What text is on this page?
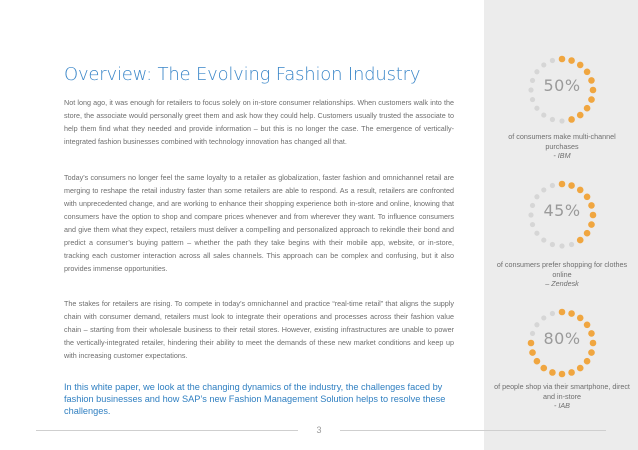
Overview: The Evolving Fashion Industry

Not long ago, it was enough for retailers to focus solely on in-store consumer relationships. When customers walk into the store, the associate would personally greet them and ask how they could help. Customers usually trusted the associate to help them find what they needed and provide information – but this is no longer the case. The emergence of vertically-integrated fashion businesses combined with technology innovation has changed all that.

Today’s consumers no longer feel the same loyalty to a retailer as globalization, faster fashion and omnichannel retail are merging to reshape the retail industry faster than some retailers are able to respond. As a result, retailers are confronted with unprecedented change, and are working to enhance their shopping experience both in-store and online, knowing that consumers have the option to shop and compare prices whenever and from wherever they want. To influence consumers and give them what they expect, retailers must deliver a compelling and personalized approach to rekindle their bond and predict a consumer’s buying pattern – whether the path they take begins with their mobile app, website, or in-store, tracking each customer interaction across all sales channels. This approach can be complex and confusing, but it also provides immense opportunities.

The stakes for retailers are rising. To compete in today’s omnichannel and practice “real-time retail” that aligns the supply chain with consumer demand, retailers must look to integrate their operations and processes across their fashion value chain – starting from their wholesale business to their retail stores. However, existing infrastructures are unable to power the vertically-integrated retailer, hindering their ability to meet the demands of these new market conditions and keep up with increasing customer expectations.

In this white paper, we look at the changing dynamics of the industry, the challenges faced by fashion businesses and how SAP’s new Fashion Management Solution helps to resolve these challenges.

3
50%
of consumers make multi-channel purchases
- IBM
45%
of consumers prefer shopping for clothes online
– Zendesk
80%
of people shop via their smartphone, direct and in-store
- IAB
